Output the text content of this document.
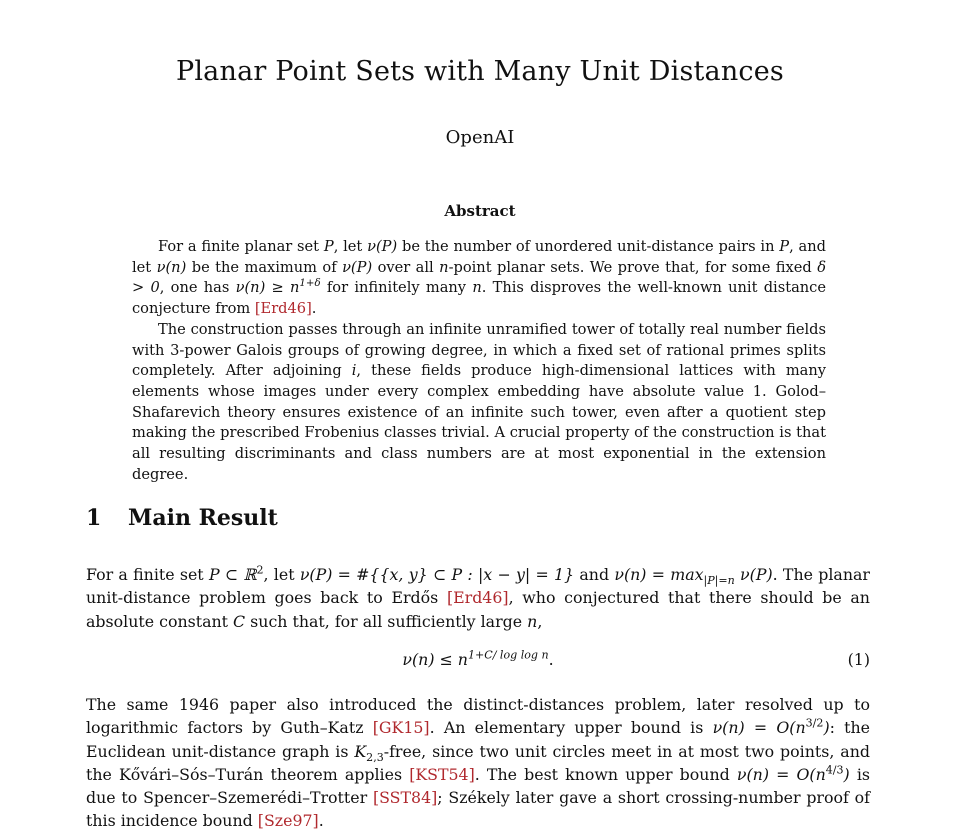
Planar Point Sets with Many Unit Distances
OpenAI
Abstract

For a finite planar set P, let ν(P) be the number of unordered unit-distance pairs in P, and let ν(n) be the maximum of ν(P) over all n-point planar sets. We prove that, for some fixed δ > 0, one has $\nu(n) \ge n^{1+\delta}$ for infinitely many n. This disproves the well-known unit distance conjecture from [Erd46].

The construction passes through an infinite unramified tower of totally real number fields with 3-power Galois groups of growing degree, in which a fixed set of rational primes splits completely. After adjoining i, these fields produce high-dimensional lattices with many elements whose images under every complex embedding have absolute value 1. Golod–Shafarevich theory ensures existence of an infinite such tower, even after a quotient step making the prescribed Frobenius classes trivial. A crucial property of the construction is that all resulting discriminants and class numbers are at most exponential in the extension degree.

1 Main Result

For a finite set P ⊂ ℝ$^2$, let ν(P) = #{{x, y} ⊂ P : |x − y| = 1} and $\nu(n) = \max_{|P|=n} \nu(P)$. The planar unit-distance problem goes back to Erdős [Erd46], who conjectured that there should be an absolute constant C such that, for all sufficiently large n,

$\nu(n) \le n^{1+C/ log log n}$.	(1)

The same 1946 paper also introduced the distinct-distances problem, later resolved up to logarithmic factors by Guth–Katz [GK15]. An elementary upper bound is $\nu(n) = O(n^{3/2})$: the Euclidean unit-distance graph is $K_{2,3}$-free, since two unit circles meet in at most two points, and the Kővári–Sós–Turán theorem applies [KST54]. The best known upper bound $\nu(n) = O(n^{4/3})$ is due to Spencer–Szemerédi–Trotter [SST84]; Székely later gave a short crossing-number proof of this incidence bound [Sze97].
